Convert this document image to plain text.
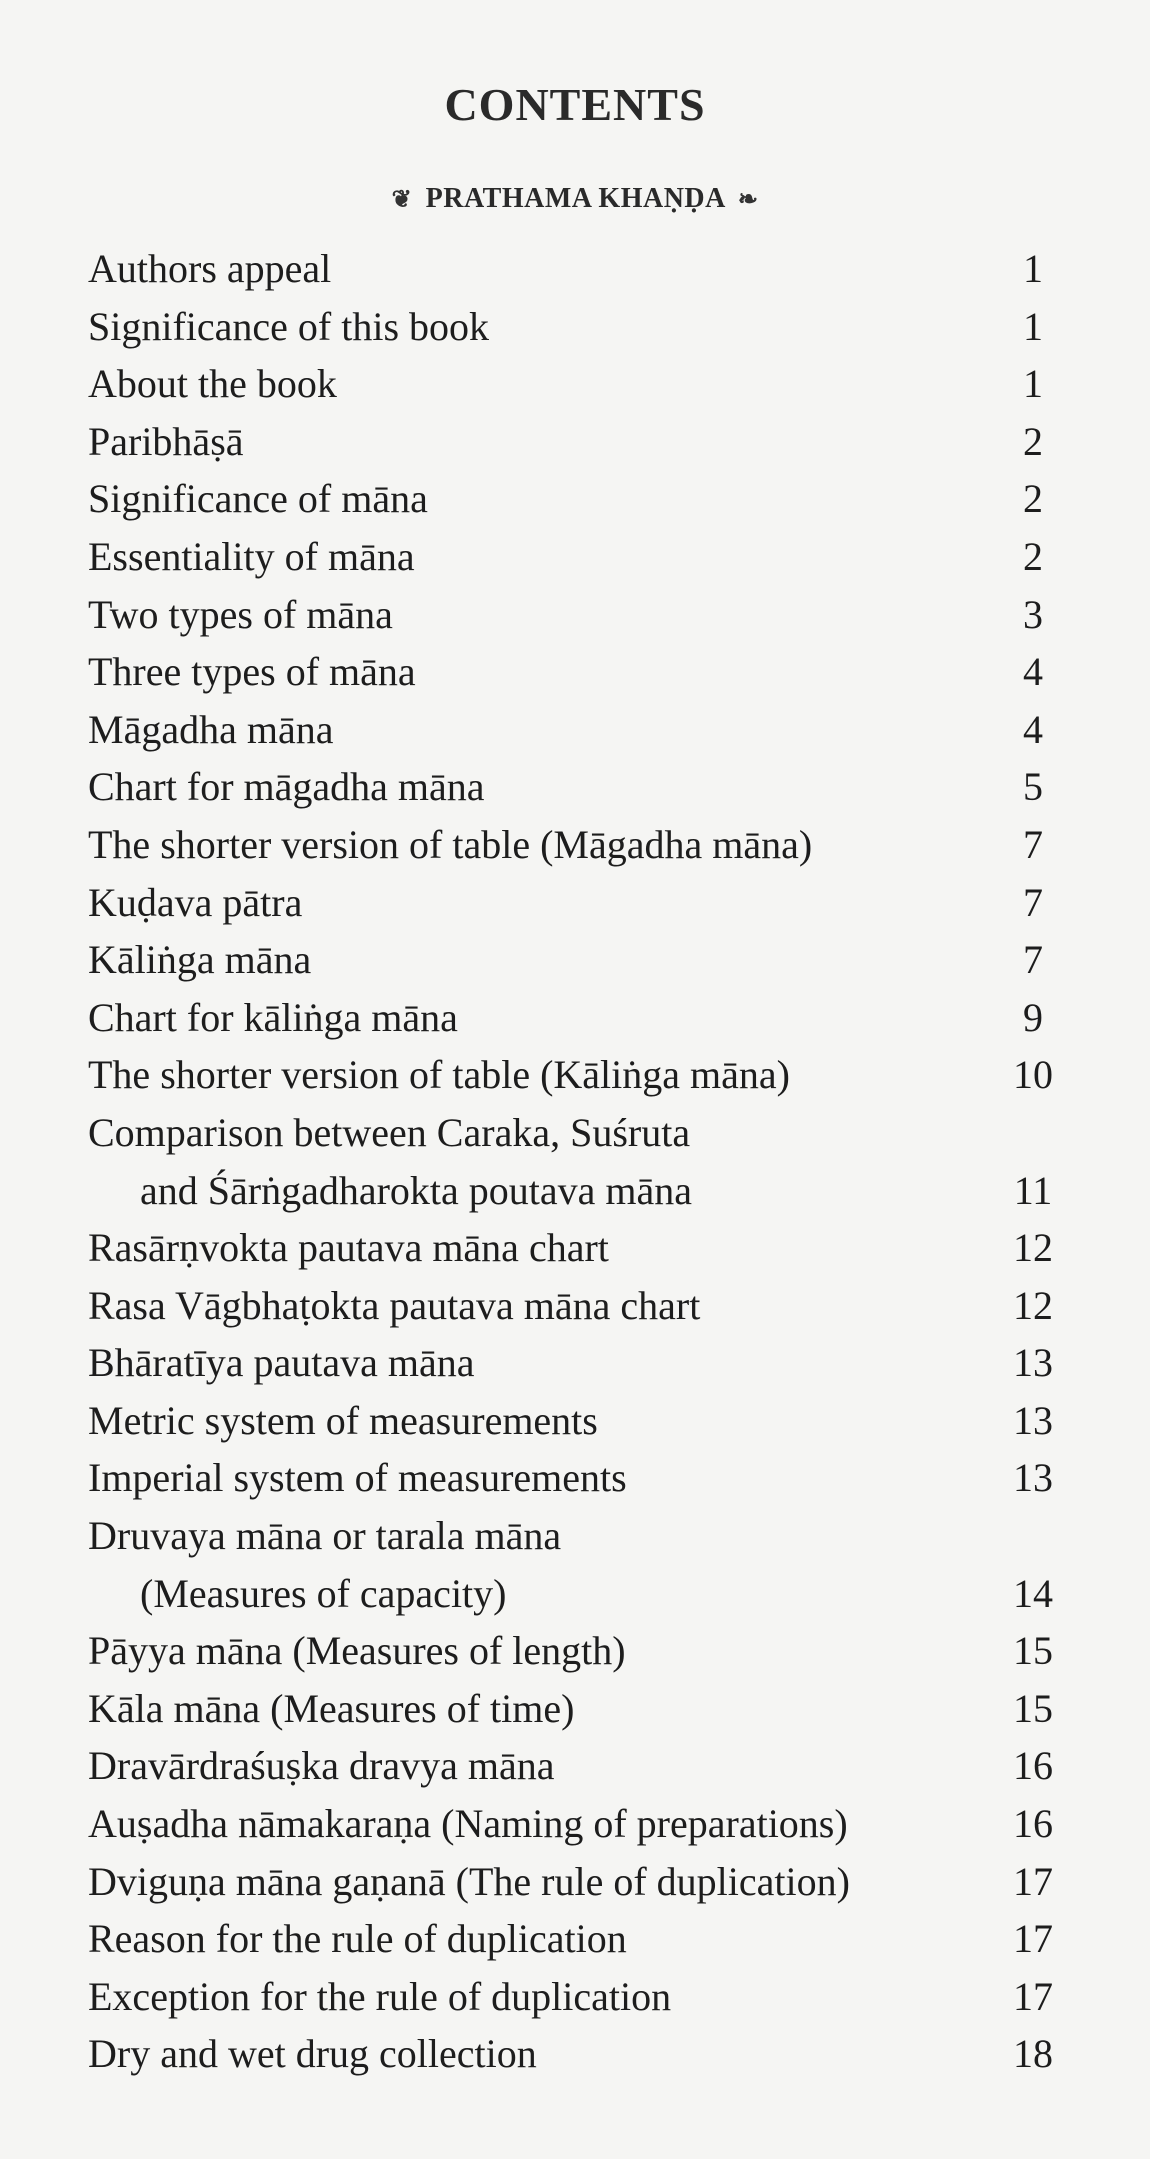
CONTENTS
❦ PRATHAMA KHAṆḌA ❧
Authors appeal	1
Significance of this book	1
About the book	1
Paribhāṣā	2
Significance of māna	2
Essentiality of māna	2
Two types of māna	3
Three types of māna	4
Māgadha māna	4
Chart for māgadha māna	5
The shorter version of table (Māgadha māna)	7
Kuḍava pātra	7
Kāliṅga māna	7
Chart for kāliṅga māna	9
The shorter version of table (Kāliṅga māna)	10
Comparison between Caraka, Suśruta
and Śārṅgadharokta poutava māna	11
Rasārṇvokta pautava māna chart	12
Rasa Vāgbhaṭokta pautava māna chart	12
Bhāratīya pautava māna	13
Metric system of measurements	13
Imperial system of measurements	13
Druvaya māna or tarala māna
(Measures of capacity)	14
Pāyya māna (Measures of length)	15
Kāla māna (Measures of time)	15
Dravārdraśuṣka dravya māna	16
Auṣadha nāmakaraṇa (Naming of preparations)	16
Dviguṇa māna gaṇanā (The rule of duplication)	17
Reason for the rule of duplication	17
Exception for the rule of duplication	17
Dry and wet drug collection	18
